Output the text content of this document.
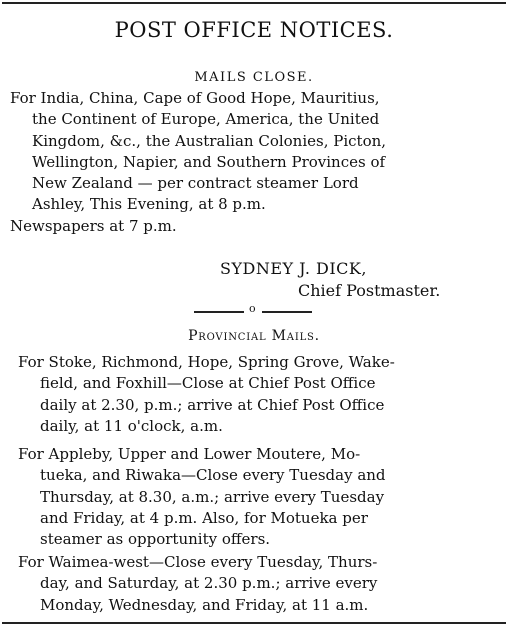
POST OFFICE NOTICES.
MAILS CLOSE.
For India, China, Cape of Good Hope, Mauritius,
the Continent of Europe, America, the United
Kingdom, &c., the Australian Colonies, Picton,
Wellington, Napier, and Southern Provinces of
New Zealand — per contract steamer Lord
Ashley, This Evening, at 8 p.m.
Newspapers at 7 p.m.
SYDNEY J. DICK,
Chief Postmaster.
o
Provincial Mails.
For Stoke, Richmond, Hope, Spring Grove, Wake-
field, and Foxhill—Close at Chief Post Office
daily at 2.30, p.m.; arrive at Chief Post Office
daily, at 11 o'clock, a.m.
For Appleby, Upper and Lower Moutere, Mo-
tueka, and Riwaka—Close every Tuesday and
Thursday, at 8.30, a.m.; arrive every Tuesday
and Friday, at 4 p.m. Also, for Motueka per
steamer as opportunity offers.
For Waimea-west—Close every Tuesday, Thurs-
day, and Saturday, at 2.30 p.m.; arrive every
Monday, Wednesday, and Friday, at 11 a.m.
